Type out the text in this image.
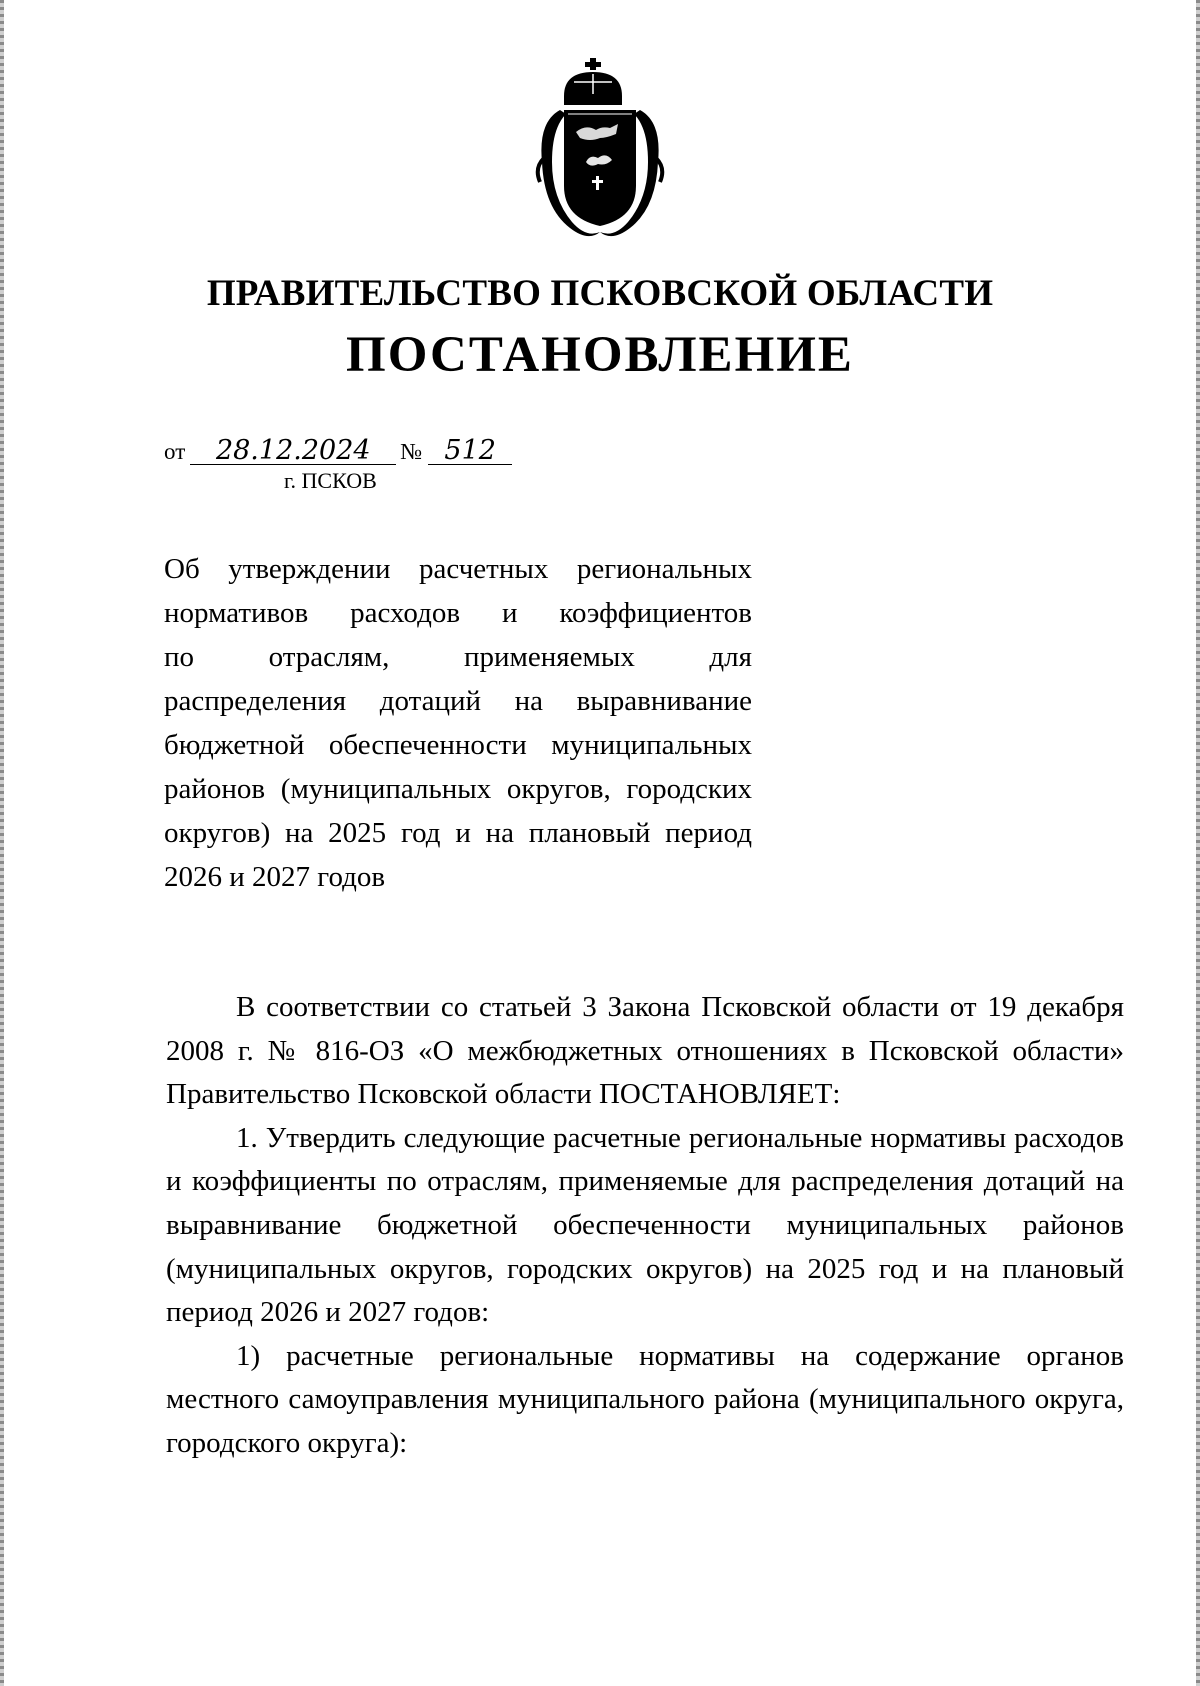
ПРАВИТЕЛЬСТВО ПСКОВСКОЙ ОБЛАСТИ
ПОСТАНОВЛЕНИЕ
от 28.12.2024 № 512
г. ПСКОВ
Об утверждении расчетных региональных
нормативов расходов и коэффициентов
по отраслям, применяемых для
распределения дотаций на выравнивание
бюджетной обеспеченности муниципальных
районов (муниципальных округов, городских
округов) на 2025 год и на плановый период
2026 и 2027 годов

В соответствии со статьей 3 Закона Псковской области от 19 декабря 2008 г. № 816-ОЗ «О межбюджетных отношениях в Псковской области» Правительство Псковской области ПОСТАНОВЛЯЕТ:

1. Утвердить следующие расчетные региональные нормативы расходов и коэффициенты по отраслям, применяемые для распределения дотаций на выравнивание бюджетной обеспеченности муниципальных районов (муниципальных округов, городских округов) на 2025 год и на плановый период 2026 и 2027 годов:

1) расчетные региональные нормативы на содержание органов местного самоуправления муниципального района (муниципального округа, городского округа):
